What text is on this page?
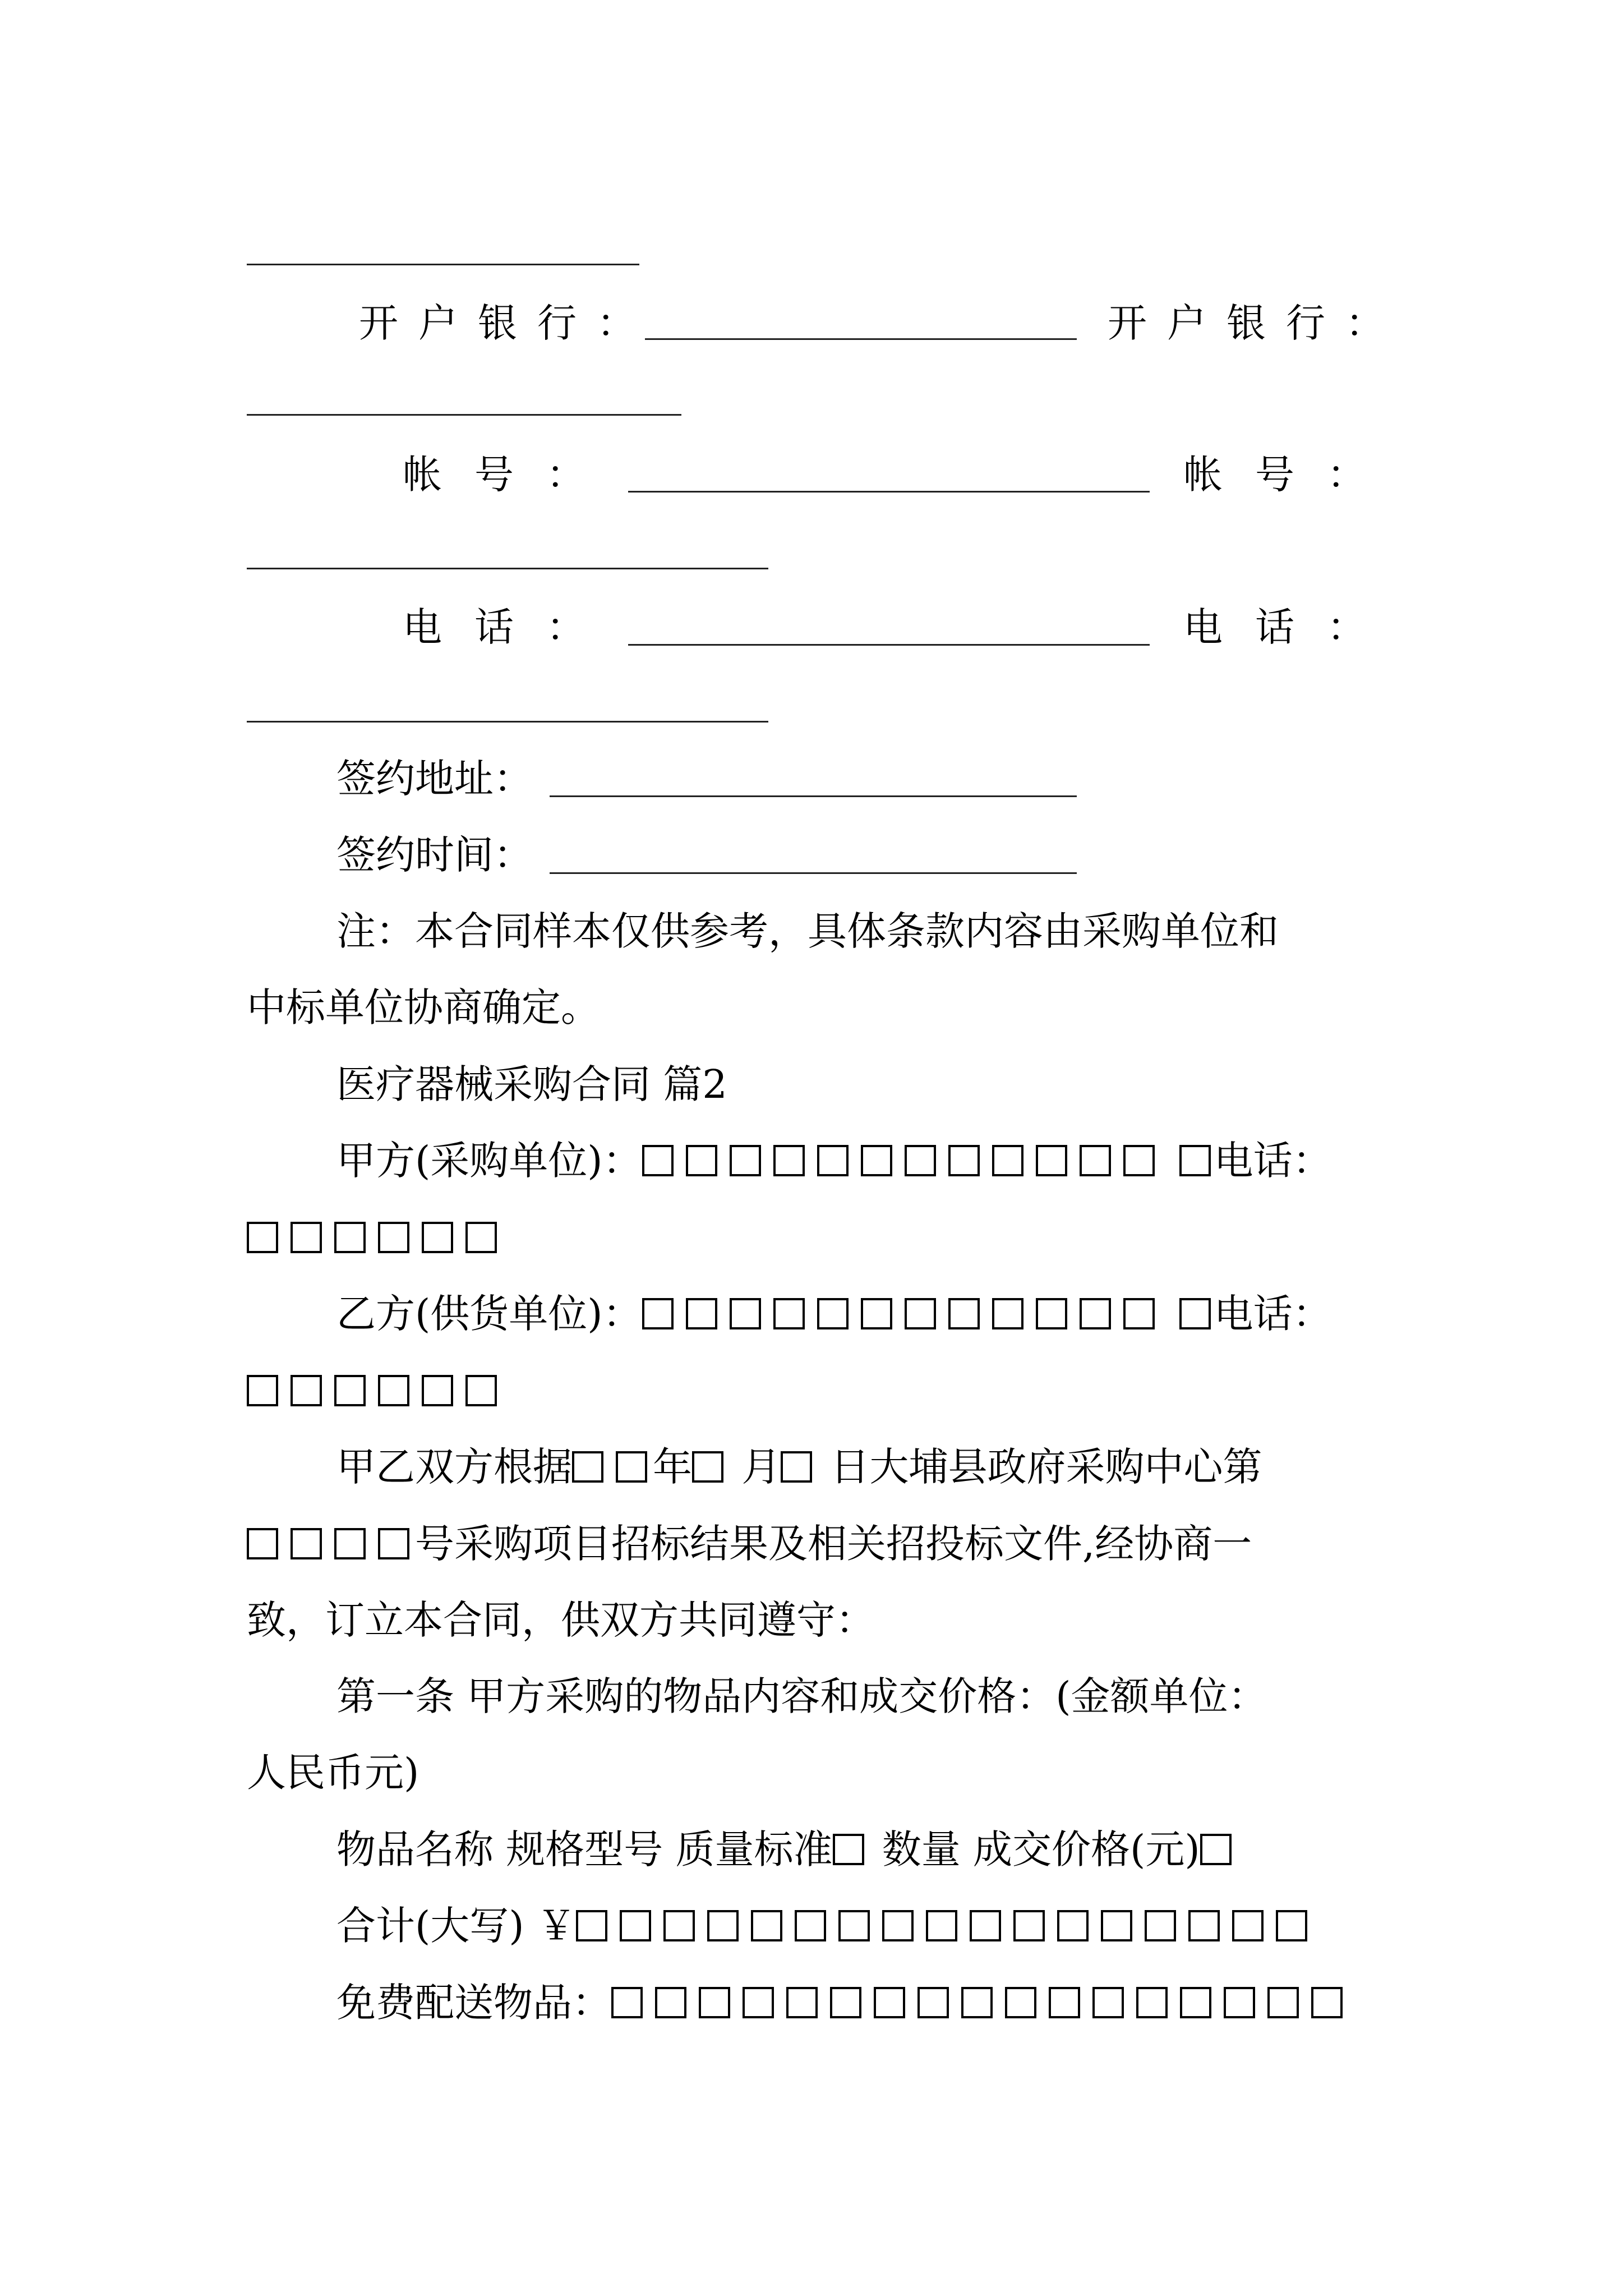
开户银行：	开户银行：
帐号：	帐号：
电话：	电话：
签约地址：
签约时间：
注：本合同样本仅供参考，具体条款内容由采购单位和
中标单位协商确定。
医疗器械采购合同 篇2
甲方(采购单位)：	电话：
乙方(供货单位)：	电话：
甲乙双方根据 年 月 日大埔县政府采购中心第
号采购项目招标结果及相关招投标文件,经协商一
致，订立本合同，供双方共同遵守：
第一条 甲方采购的物品内容和成交价格：(金额单位：
人民币元)
物品名称 规格型号 质量标准 数量 成交价格(元)
合计(大写) ￥
免费配送物品：
